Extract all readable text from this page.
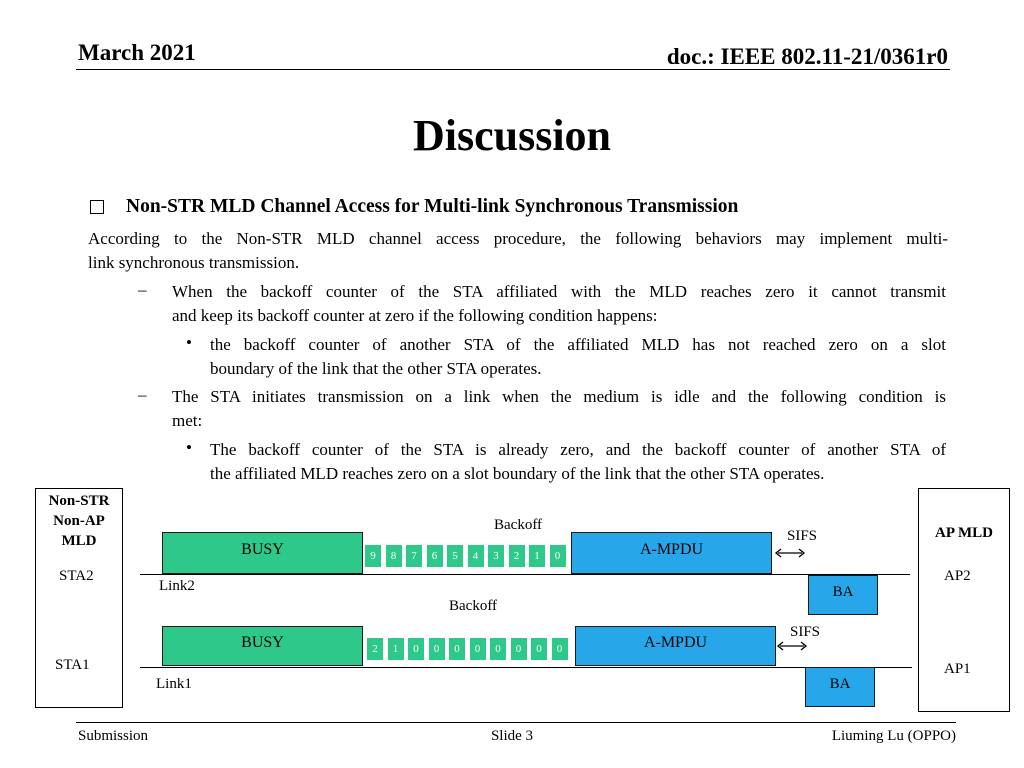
March 2021	doc.: IEEE 802.11-21/0361r0
Discussion
Non-STR MLD Channel Access for Multi-link Synchronous Transmission
According to the Non-STR MLD channel access procedure, the following behaviors may implement multi-
link synchronous transmission.
– When the backoff counter of the STA affiliated with the MLD reaches zero it cannot transmit
and keep its backoff counter at zero if the following condition happens:
• the backoff counter of another STA of the affiliated MLD has not reached zero on a slot
boundary of the link that the other STA operates.
– The STA initiates transmission on a link when the medium is idle and the following condition is
met:
• The backoff counter of the STA is already zero, and the backoff counter of another STA of
the affiliated MLD reaches zero on a slot boundary of the link that the other STA operates.
Non-STR
Non-AP
MLD
STA2
STA1
AP MLD
AP2
AP1
Backoff
BUSY	9	8	7	6	5	4	3	2	1	0	A-MPDU
SIFS
Link2	BA
Backoff
BUSY	2	1	0	0	0	0	0	0	0	0	A-MPDU
SIFS
Link1	BA
Submission	Slide 3	Liuming Lu (OPPO)
